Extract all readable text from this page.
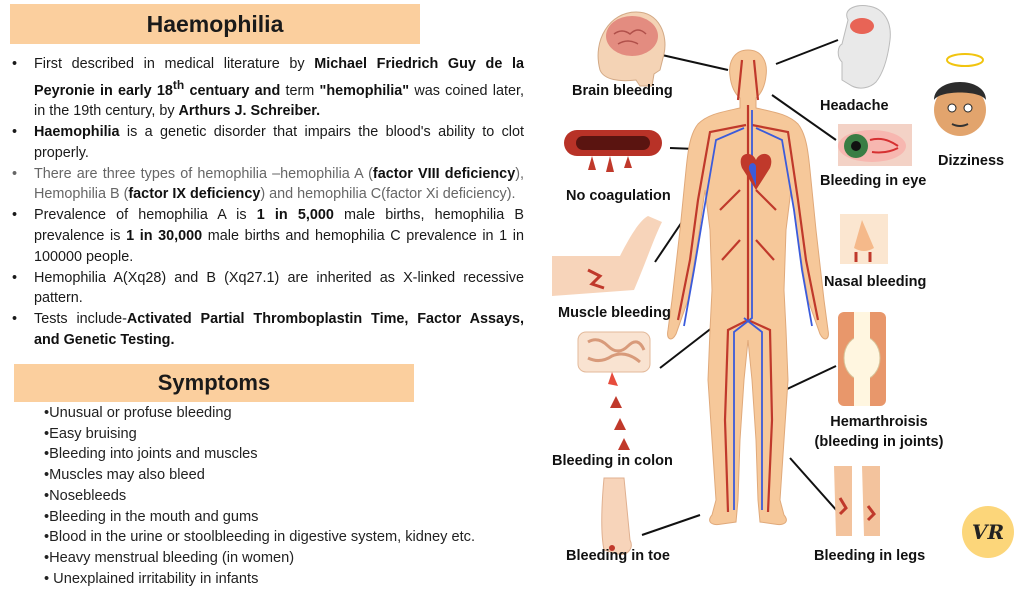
Haemophilia
• First described in medical literature by Michael Friedrich Guy de la Peyronie in early 18th centuary and term "hemophilia" was coined later, in the 19th century, by Arthurs J. Schreiber.
• Haemophilia is a genetic disorder that impairs the blood's ability to clot properly.
• There are three types of hemophilia –hemophilia A (factor VIII deficiency), Hemophilia B (factor IX deficiency) and hemophilia C(factor Xi deficiency).
• Prevalence of hemophilia A is 1 in 5,000 male births, hemophilia B prevalence is 1 in 30,000 male births and hemophilia C prevalence in 1 in 100000 people.
• Hemophilia A(Xq28) and B (Xq27.1) are inherited as X-linked recessive pattern.
• Tests include-Activated Partial Thromboplastin Time, Factor Assays, and Genetic Testing.
Symptoms
•Unusual or profuse bleeding
•Easy bruising
•Bleeding into joints and muscles
•Muscles may also bleed
•Nosebleeds
•Bleeding in the mouth and gums
•Blood in the urine or stoolbleeding in digestive system, kidney etc.
•Heavy menstrual bleeding (in women)
• Unexplained irritability in infants
Brain bleeding
Headache
Dizziness
No coagulation
Bleeding in eye
Muscle bleeding
Nasal bleeding
Hemarthroisis
(bleeding in joints)
Bleeding in colon
Bleeding in toe	Bleeding in legs
VR
